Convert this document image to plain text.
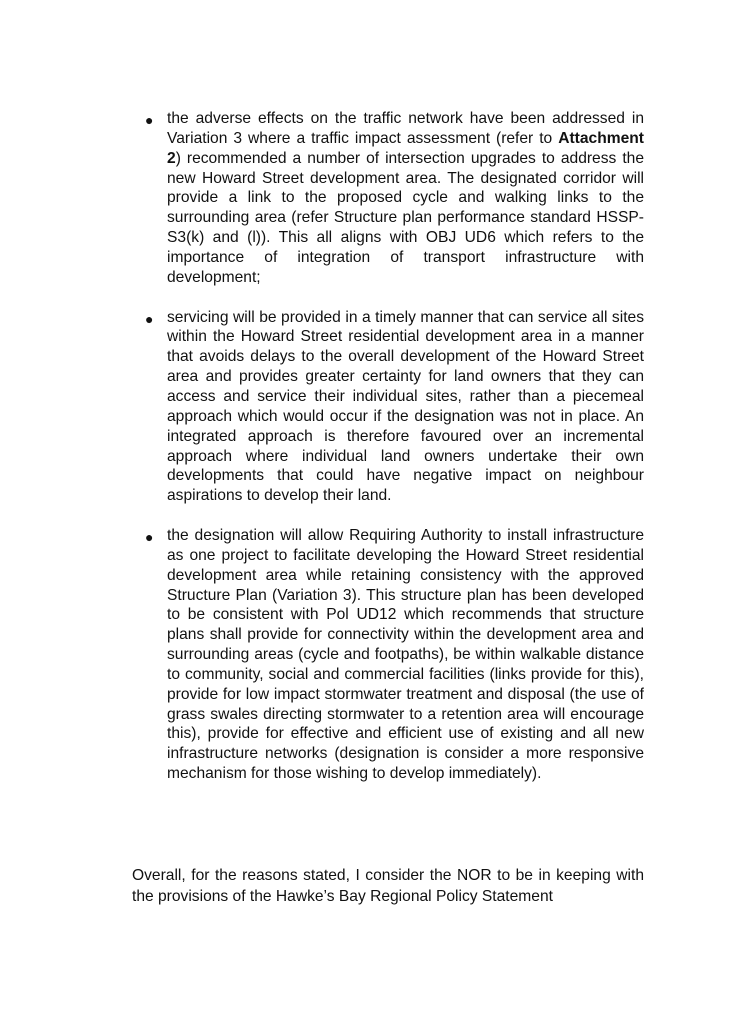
● the adverse effects on the traffic network have been addressed in Variation 3 where a traffic impact assessment (refer to Attachment 2) recommended a number of intersection upgrades to address the new Howard Street development area. The designated corridor will provide a link to the proposed cycle and walking links to the surrounding area (refer Structure plan performance standard HSSP-S3(k) and (l)). This all aligns with OBJ UD6 which refers to the importance of integration of transport infrastructure with development;
● servicing will be provided in a timely manner that can service all sites within the Howard Street residential development area in a manner that avoids delays to the overall development of the Howard Street area and provides greater certainty for land owners that they can access and service their individual sites, rather than a piecemeal approach which would occur if the designation was not in place. An integrated approach is therefore favoured over an incremental approach where individual land owners undertake their own developments that could have negative impact on neighbour aspirations to develop their land.
● the designation will allow Requiring Authority to install infrastructure as one project to facilitate developing the Howard Street residential development area while retaining consistency with the approved Structure Plan (Variation 3). This structure plan has been developed to be consistent with Pol UD12 which recommends that structure plans shall provide for connectivity within the development area and surrounding areas (cycle and footpaths), be within walkable distance to community, social and commercial facilities (links provide for this), provide for low impact stormwater treatment and disposal (the use of grass swales directing stormwater to a retention area will encourage this), provide for effective and efficient use of existing and all new infrastructure networks (designation is consider a more responsive mechanism for those wishing to develop immediately).

Overall, for the reasons stated, I consider the NOR to be in keeping with the provisions of the Hawke’s Bay Regional Policy Statement
